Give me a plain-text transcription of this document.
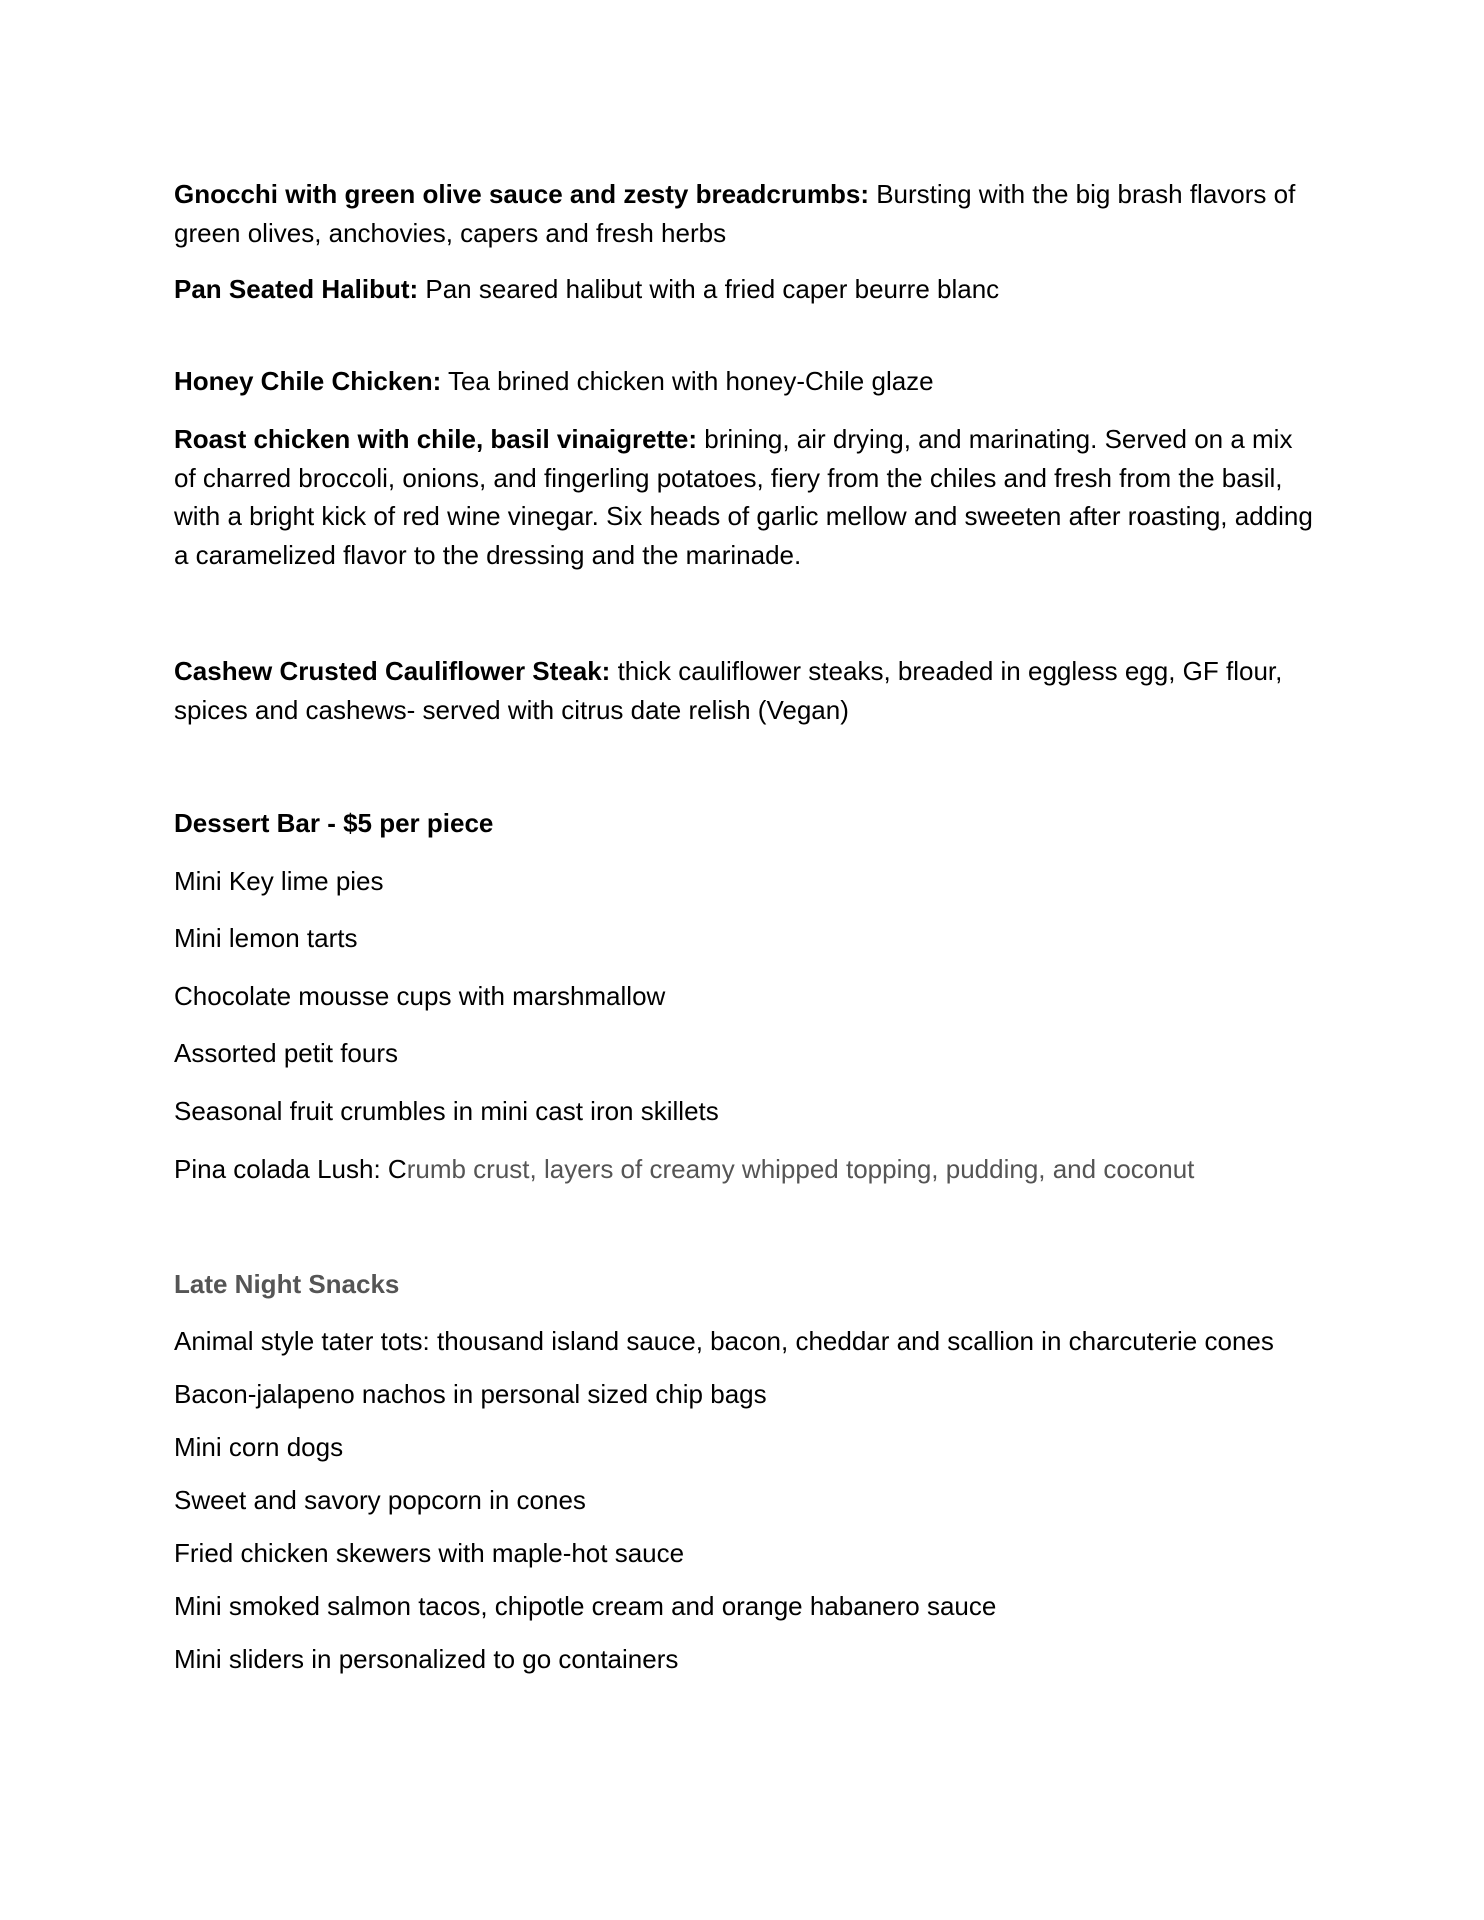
Gnocchi with green olive sauce and zesty breadcrumbs: Bursting with the big brash flavors of green olives, anchovies, capers and fresh herbs

Pan Seated Halibut: Pan seared halibut with a fried caper beurre blanc

Honey Chile Chicken: Tea brined chicken with honey-Chile glaze

Roast chicken with chile, basil vinaigrette: brining, air drying, and marinating. Served on a mix of charred broccoli, onions, and fingerling potatoes, fiery from the chiles and fresh from the basil, with a bright kick of red wine vinegar. Six heads of garlic mellow and sweeten after roasting, adding a caramelized flavor to the dressing and the marinade.

Cashew Crusted Cauliflower Steak: thick cauliflower steaks, breaded in eggless egg, GF flour, spices and cashews- served with citrus date relish (Vegan)

Dessert Bar - $5 per piece

Mini Key lime pies

Mini lemon tarts

Chocolate mousse cups with marshmallow

Assorted petit fours

Seasonal fruit crumbles in mini cast iron skillets

Pina colada Lush: Crumb crust, layers of creamy whipped topping, pudding, and coconut

Late Night Snacks

Animal style tater tots: thousand island sauce, bacon, cheddar and scallion in charcuterie cones

Bacon-jalapeno nachos in personal sized chip bags

Mini corn dogs

Sweet and savory popcorn in cones

Fried chicken skewers with maple-hot sauce

Mini smoked salmon tacos, chipotle cream and orange habanero sauce

Mini sliders in personalized to go containers
